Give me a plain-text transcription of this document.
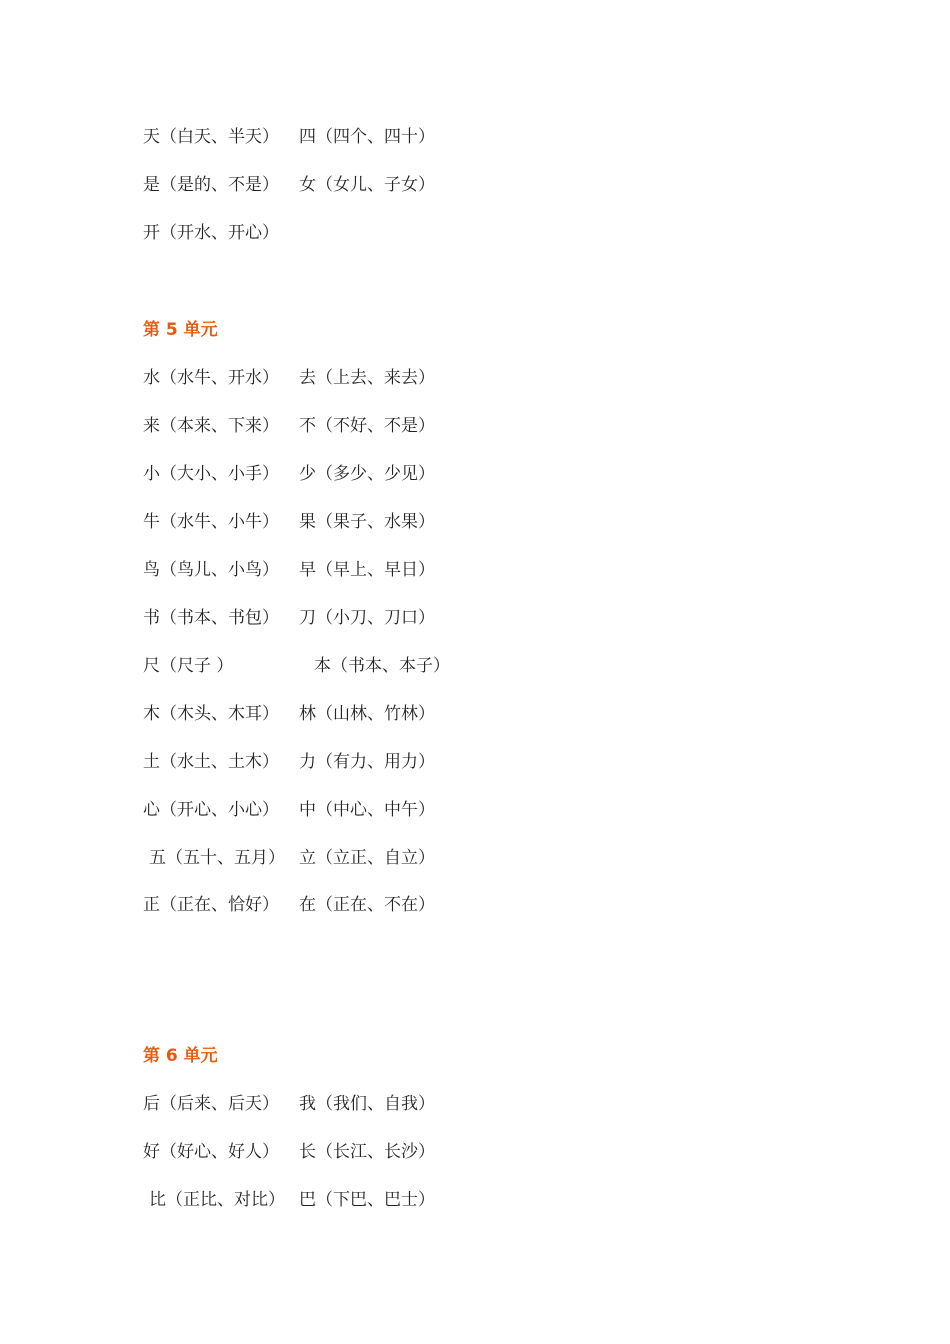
天（白天、半天） 四（四个、四十）
是（是的、不是） 女（女儿、子女）
开（开水、开心）
第 5 单元
水（水牛、开水） 去（上去、来去）
来（本来、下来） 不（不好、不是）
小（大小、小手） 少（多少、少见）
牛（水牛、小牛） 果（果子、水果）
鸟（鸟儿、小鸟） 早（早上、早日）
书（书本、书包） 刀（小刀、刀口）
尺（尺子 ）	本（书本、本子）
木（木头、木耳） 林（山林、竹林）
土（水土、土木） 力（有力、用力）
心（开心、小心） 中（中心、中午）
五（五十、五月） 立（立正、自立）
正（正在、恰好） 在（正在、不在）
第 6 单元
后（后来、后天） 我（我们、自我）
好（好心、好人） 长（长江、长沙）
比（正比、对比） 巴（下巴、巴士）
